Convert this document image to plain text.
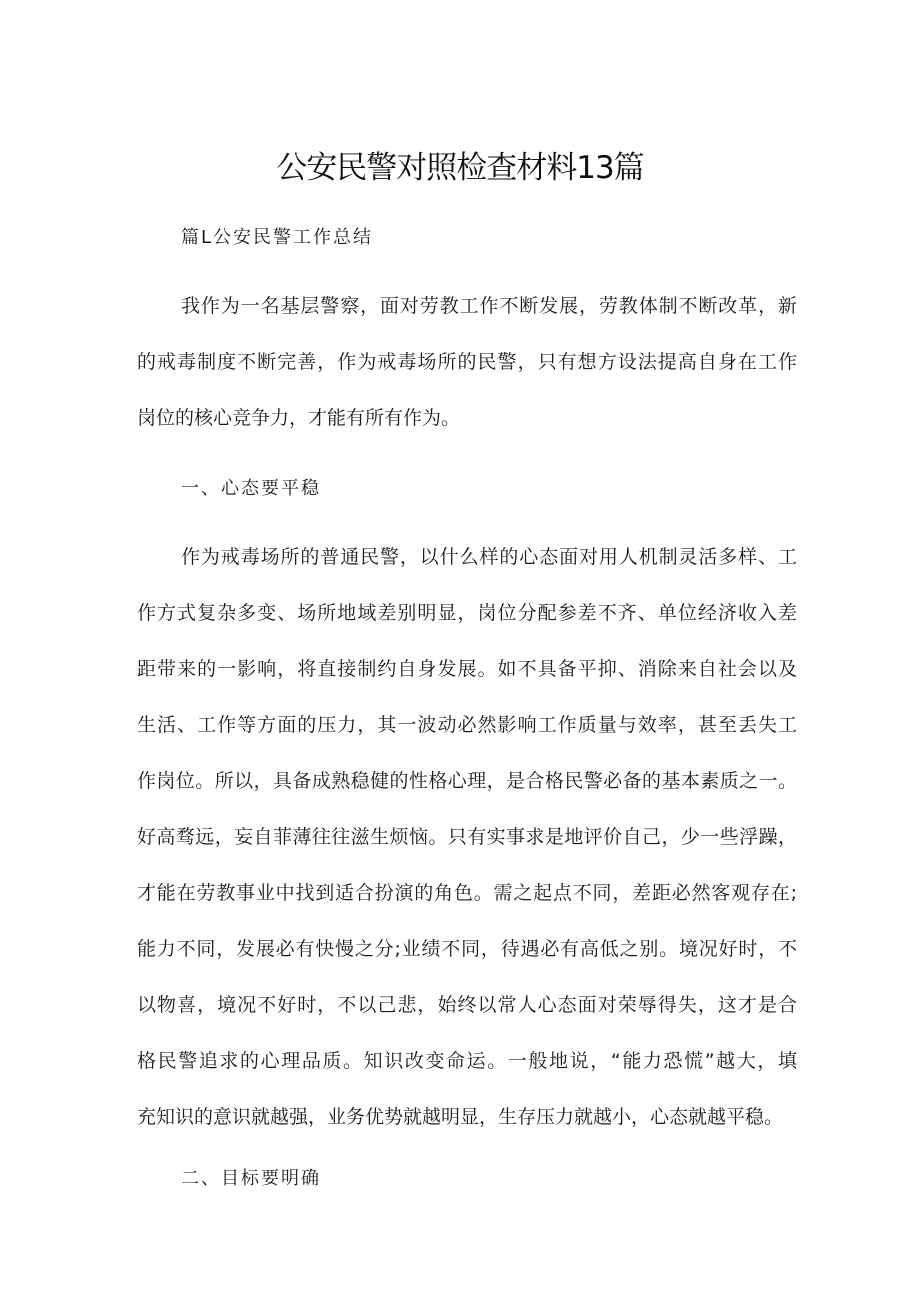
公安民警对照检查材料13篇

篇L公安民警工作总结

我作为一名基层警察，面对劳教工作不断发展，劳教体制不断改革，新
的戒毒制度不断完善，作为戒毒场所的民警，只有想方设法提高自身在工作
岗位的核心竞争力，才能有所有作为。

一、心态要平稳

作为戒毒场所的普通民警，以什么样的心态面对用人机制灵活多样、工
作方式复杂多变、场所地域差别明显，岗位分配参差不齐、单位经济收入差
距带来的一影响，将直接制约自身发展。如不具备平抑、消除来自社会以及
生活、工作等方面的压力，其一波动必然影响工作质量与效率，甚至丢失工
作岗位。所以，具备成熟稳健的性格心理，是合格民警必备的基本素质之一。
好高骛远，妄自菲薄往往滋生烦恼。只有实事求是地评价自己，少一些浮躁，
才能在劳教事业中找到适合扮演的角色。需之起点不同，差距必然客观存在;
能力不同，发展必有快慢之分;业绩不同，待遇必有高低之别。境况好时，不
以物喜，境况不好时，不以己悲，始终以常人心态面对荣辱得失，这才是合
格民警追求的心理品质。知识改变命运。一般地说，“能力恐慌”越大，填
充知识的意识就越强，业务优势就越明显，生存压力就越小，心态就越平稳。

二、目标要明确
